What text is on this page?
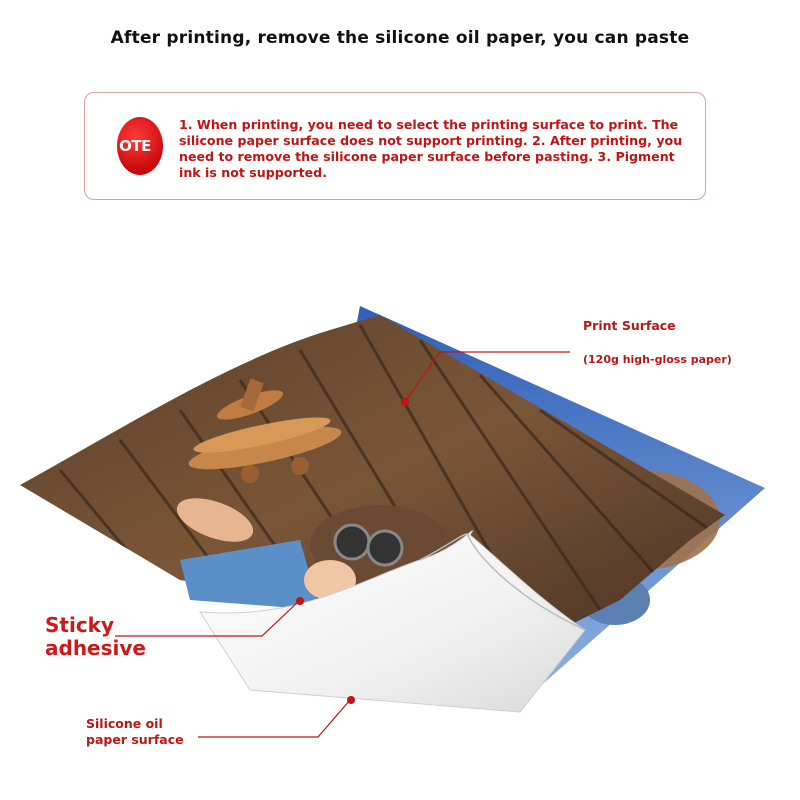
After printing, remove the silicone oil paper, you can paste
OTE
1. When printing, you need to select the printing surface to print. The silicone paper surface does not support printing. 2. After printing, you need to remove the silicone paper surface before pasting. 3. Pigment ink is not supported.
Print Surface
(120g high-gloss paper)
Sticky
adhesive
Silicone oil
paper surface
